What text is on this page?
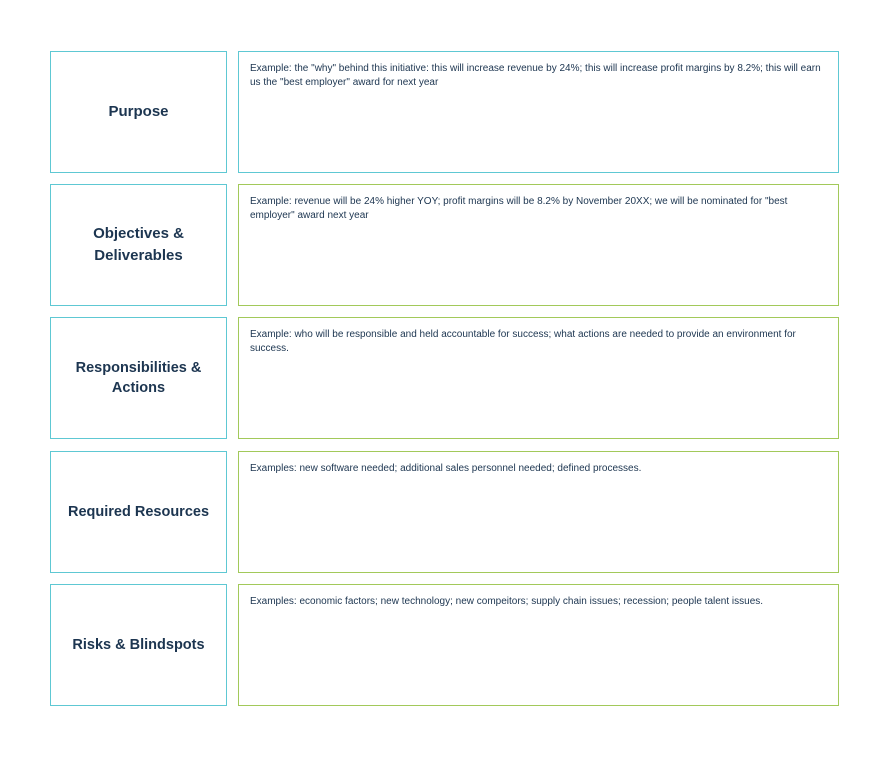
Purpose
Example: the "why" behind this initiative: this will increase revenue by 24%; this will increase profit margins by 8.2%; this will earn us the "best employer" award for next year
Objectives &
Deliverables
Example: revenue will be 24% higher YOY; profit margins will be 8.2% by November 20XX; we will be nominated for "best employer" award next year
Responsibilities &
Actions
Example: who will be responsible and held accountable for success; what actions are needed to provide an environment for success.
Required Resources
Examples: new software needed; additional sales personnel needed; defined processes.
Risks & Blindspots
Examples: economic factors; new technology; new compeitors; supply chain issues; recession; people talent issues.
